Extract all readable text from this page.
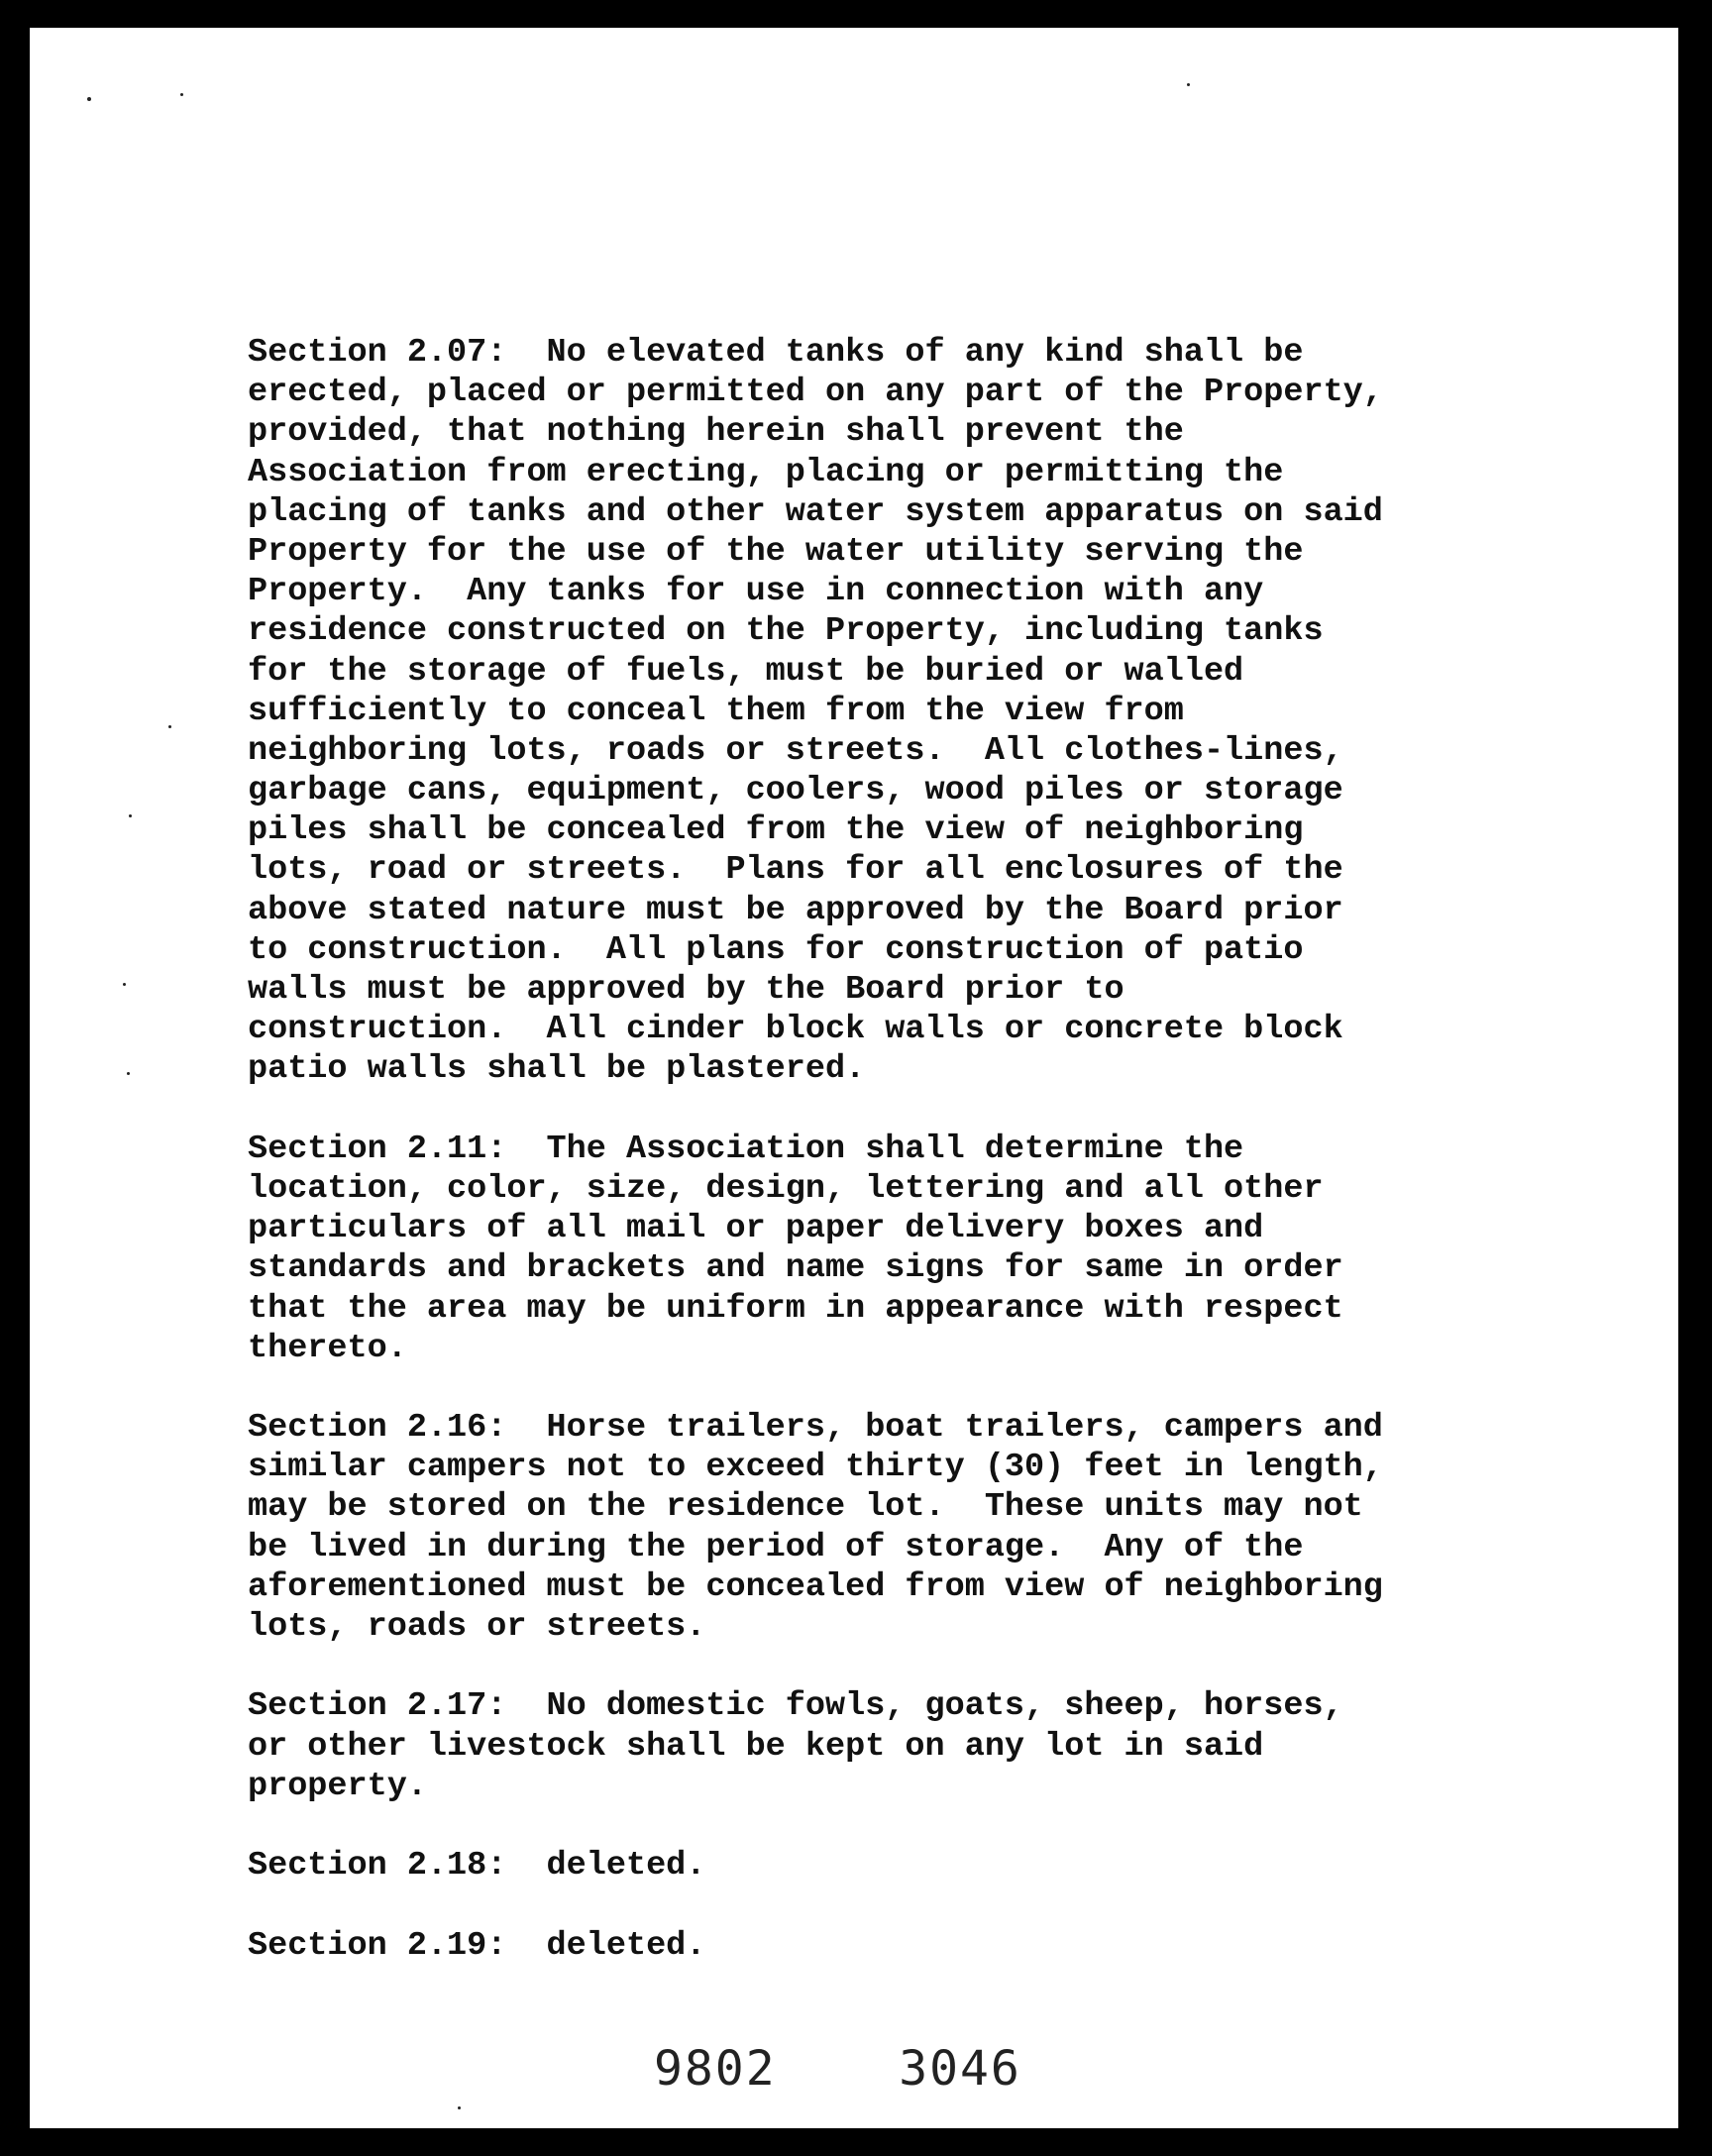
Section 2.07:  No elevated tanks of any kind shall be
erected, placed or permitted on any part of the Property,
provided, that nothing herein shall prevent the
Association from erecting, placing or permitting the
placing of tanks and other water system apparatus on said
Property for the use of the water utility serving the
Property.  Any tanks for use in connection with any
residence constructed on the Property, including tanks
for the storage of fuels, must be buried or walled
sufficiently to conceal them from the view from
neighboring lots, roads or streets.  All clothes-lines,
garbage cans, equipment, coolers, wood piles or storage
piles shall be concealed from the view of neighboring
lots, road or streets.  Plans for all enclosures of the
above stated nature must be approved by the Board prior
to construction.  All plans for construction of patio
walls must be approved by the Board prior to
construction.  All cinder block walls or concrete block
patio walls shall be plastered.
Section 2.11:  The Association shall determine the
location, color, size, design, lettering and all other
particulars of all mail or paper delivery boxes and
standards and brackets and name signs for same in order
that the area may be uniform in appearance with respect
thereto.
Section 2.16:  Horse trailers, boat trailers, campers and
similar campers not to exceed thirty (30) feet in length,
may be stored on the residence lot.  These units may not
be lived in during the period of storage.  Any of the
aforementioned must be concealed from view of neighboring
lots, roads or streets.
Section 2.17:  No domestic fowls, goats, sheep, horses,
or other livestock shall be kept on any lot in said
property.
Section 2.18:  deleted.
Section 2.19:  deleted.
9802	3046
